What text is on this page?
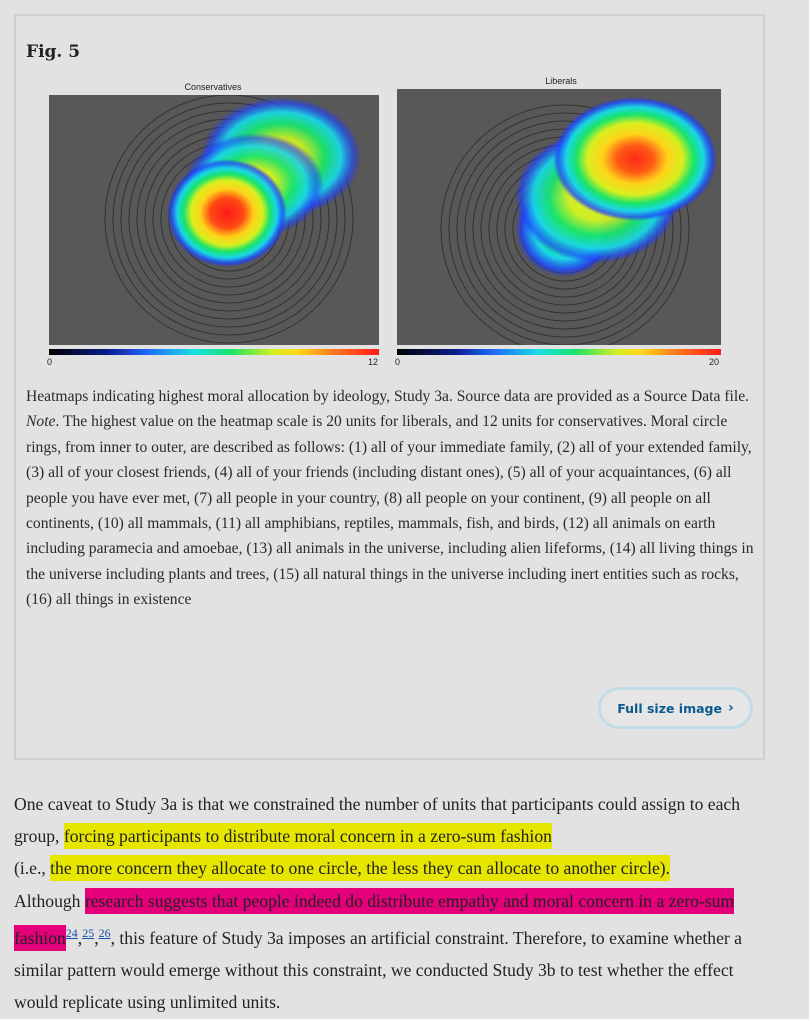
Fig. 5
Conservatives
Liberals
0	12 0	20
Heatmaps indicating highest moral allocation by ideology, Study 3a. Source data are provided as a Source Data file. Note. The highest value on the heatmap scale is 20 units for liberals, and 12 units for conservatives. Moral circle rings, from inner to outer, are described as follows: (1) all of your immediate family, (2) all of your extended family, (3) all of your closest friends, (4) all of your friends (including distant ones), (5) all of your acquaintances, (6) all people you have ever met, (7) all people in your country, (8) all people on your continent, (9) all people on all continents, (10) all mammals, (11) all amphibians, reptiles, mammals, fish, and birds, (12) all animals on earth including paramecia and amoebae, (13) all animals in the universe, including alien lifeforms, (14) all living things in the universe including plants and trees, (15) all natural things in the universe including inert entities such as rocks, (16) all things in existence
Full size image ›
One caveat to Study 3a is that we constrained the number of units that participants could assign to each group, forcing participants to distribute moral concern in a zero-sum fashion
(i.e., the more concern they allocate to one circle, the less they can allocate to another circle).
Although research suggests that people indeed do distribute empathy and moral concern in a zero-sum fashion$^{24}$,$^{25}$,$^{26}$, this feature of Study 3a imposes an artificial constraint. Therefore, to examine whether a similar pattern would emerge without this constraint, we conducted Study 3b to test whether the effect would replicate using unlimited units.
